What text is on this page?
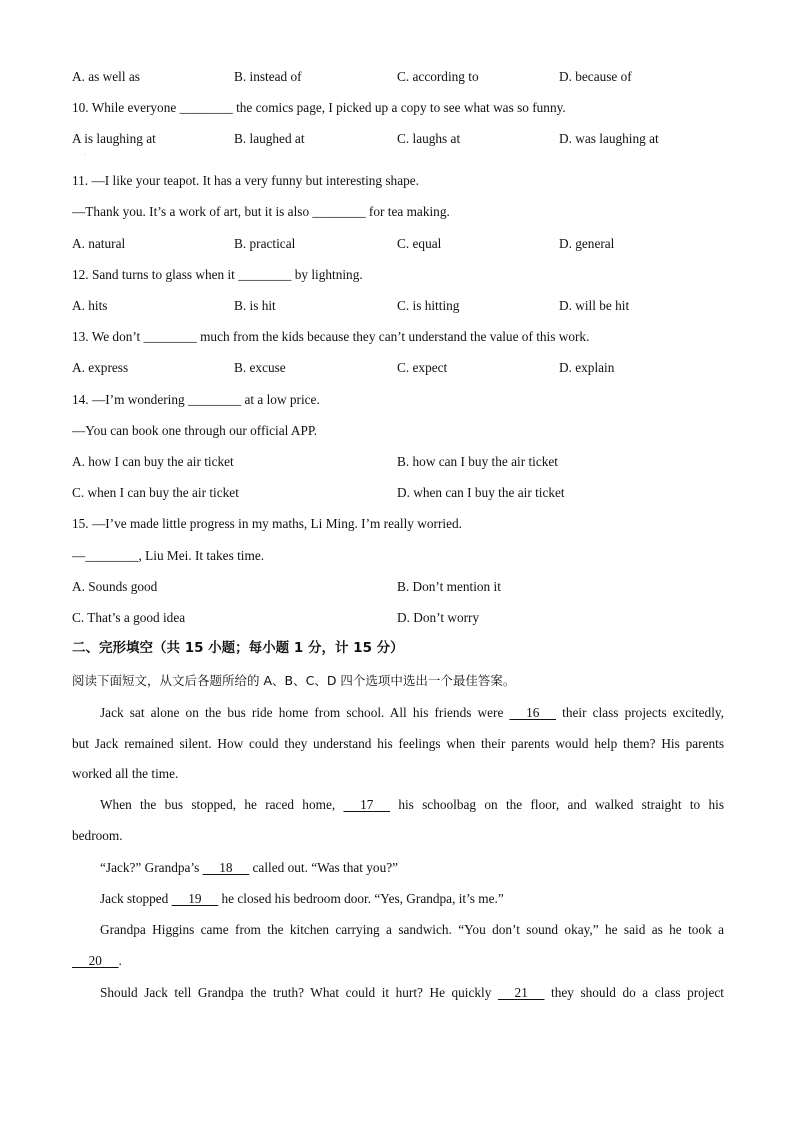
A. as well as	B. instead of	C. according to	D. because of
10. While everyone ________ the comics page, I picked up a copy to see what was so funny.
A is laughing at	B. laughed at	C. laughs at	D. was laughing at
·
11. —I like your teapot. It has a very funny but interesting shape.
—Thank you. It’s a work of art, but it is also ________ for tea making.
A. natural	B. practical	C. equal	D. general
12. Sand turns to glass when it ________ by lightning.
A. hits	B. is hit	C. is hitting	D. will be hit
13. We don’t ________ much from the kids because they can’t understand the value of this work.
A. express	B. excuse	C. expect	D. explain
14. —I’m wondering ________ at a low price.
—You can book one through our official APP.
A. how I can buy the air ticket	B. how can I buy the air ticket
C. when I can buy the air ticket	D. when can I buy the air ticket
15. —I’ve made little progress in my maths, Li Ming. I’m really worried.
—________, Liu Mei. It takes time.
A. Sounds good	B. Don’t mention it
C. That’s a good idea	D. Don’t worry
二、完形填空（共 15 小题；每小题 1 分，计 15 分）
阅读下面短文，从文后各题所给的 A、B、C、D 四个选项中选出一个最佳答案。
Jack sat alone on the bus ride home from school. All his friends were      16      their class projects excitedly,
but Jack remained silent. How could they understand his feelings when their parents would help them? His parents
worked all the time.
When the bus stopped, he raced home,      17      his schoolbag on the floor, and walked straight to his
bedroom.
“Jack?” Grandpa’s      18      called out. “Was that you?”
Jack stopped      19      he closed his bedroom door. “Yes, Grandpa, it’s me.”
Grandpa Higgins came from the kitchen carrying a sandwich. “You don’t sound okay,” he said as he took a
20     .
Should Jack tell Grandpa the truth? What could it hurt? He quickly      21      they should do a class project
